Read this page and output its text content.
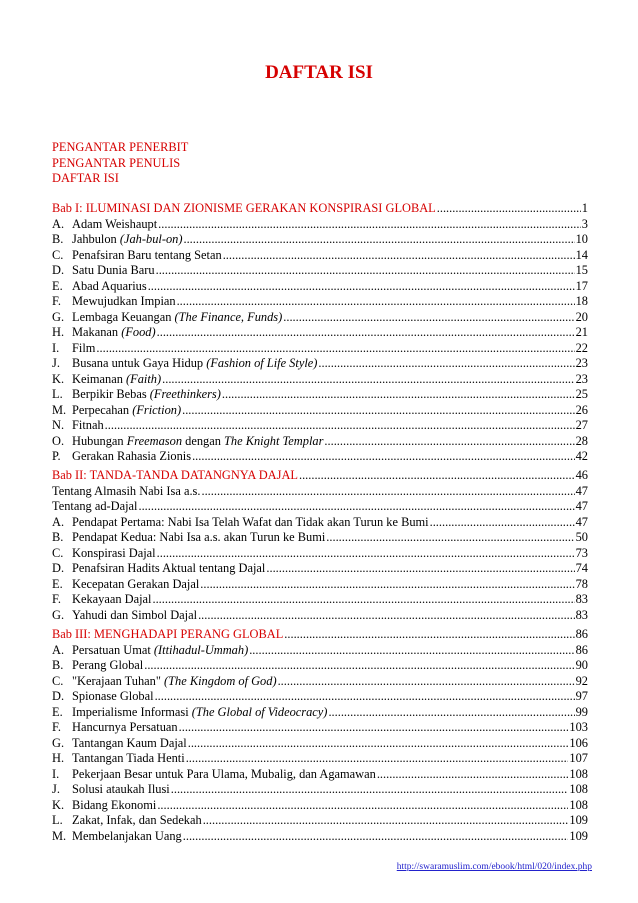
DAFTAR ISI
PENGANTAR PENERBIT
PENGANTAR PENULIS
DAFTAR ISI
Bab I: ILUMINASI DAN ZIONISME GERAKAN KONSPIRASI GLOBAL .....	1
A. Adam Weishaupt .....	3
B. Jahbulon (Jah-bul-on) .....	10
C. Penafsiran Baru tentang Setan .....	14
D. Satu Dunia Baru .....	15
E. Abad Aquarius .....	17
F. Mewujudkan Impian .....	18
G. Lembaga Keuangan (The Finance, Funds) .....	20
H. Makanan (Food) .....	21
I.	Film .....	22
J. Busana untuk Gaya Hidup (Fashion of Life Style) .....	23
K. Keimanan (Faith) .....	23
L. Berpikir Bebas (Freethinkers) .....	25
M. Perpecahan (Friction) .....	26
N. Fitnah .....	27
O. Hubungan Freemason dengan The Knight Templar .....	28
P. Gerakan Rahasia Zionis .....	42
Bab II: TANDA-TANDA DATANGNYA DAJAL .....	46
Tentang Almasih Nabi Isa a.s. .....	47
Tentang ad-Dajal .....	47
A. Pendapat Pertama: Nabi Isa Telah Wafat dan Tidak akan Turun ke Bumi .....	47
B. Pendapat Kedua: Nabi Isa a.s. akan Turun ke Bumi .....	50
C. Konspirasi Dajal .....	73
D. Penafsiran Hadits Aktual tentang Dajal .....	74
E. Kecepatan Gerakan Dajal .....	78
F. Kekayaan Dajal .....	83
G. Yahudi dan Simbol Dajal .....	83
Bab III: MENGHADAPI PERANG GLOBAL .....	86
A. Persatuan Umat (Ittihadul-Ummah) .....	86
B. Perang Global .....	90
C. "Kerajaan Tuhan" (The Kingdom of God) .....	92
D. Spionase Global .....	97
E. Imperialisme Informasi (The Global of Videocracy) .....	99
F. Hancurnya Persatuan .....	103
G. Tantangan Kaum Dajal .....	106
H. Tantangan Tiada Henti .....	107
I.	Pekerjaan Besar untuk Para Ulama, Mubalig, dan Agamawan .....	108
J. Solusi ataukah Ilusi .....	108
K. Bidang Ekonomi .....	108
L. Zakat, Infak, dan Sedekah .....	109
M. Membelanjakan Uang .....	109
http://swaramuslim.com/ebook/html/020/index.php
